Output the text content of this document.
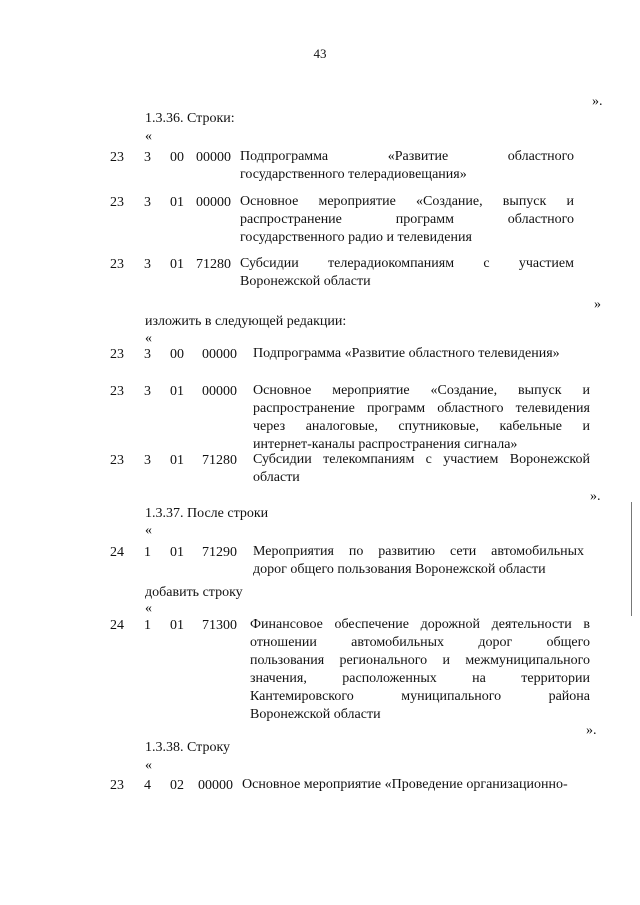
43
».
1.3.36. Строки:
«
23 3 00 00000 Подпрограмма «Развитие областного
государственного телерадиовещания»
23 3 01 00000 Основное мероприятие «Создание, выпуск и
распространение программ областного
государственного радио и телевидения
23 3 01 71280 Субсидии телерадиокомпаниям с участием
Воронежской области
»
изложить в следующей редакции:
«
23 3 00 00000 Подпрограмма «Развитие областного телевидения»
23 3 01 00000 Основное мероприятие «Создание, выпуск и
распространение программ областного телевидения
через аналоговые, спутниковые, кабельные и
интернет-каналы распространения сигнала»
23 3 01 71280 Субсидии телекомпаниям с участием Воронежской
области
».
1.3.37. После строки
«
24 1 01 71290 Мероприятия по развитию сети автомобильных
дорог общего пользования Воронежской области
добавить строку
«
24 1 01 71300 Финансовое обеспечение дорожной деятельности в
отношении автомобильных дорог общего
пользования регионального и межмуниципального
значения, расположенных на территории
Кантемировского муниципального района
Воронежской области
».
1.3.38. Строку
«
23 4 02 00000 Основное мероприятие «Проведение организационно-
